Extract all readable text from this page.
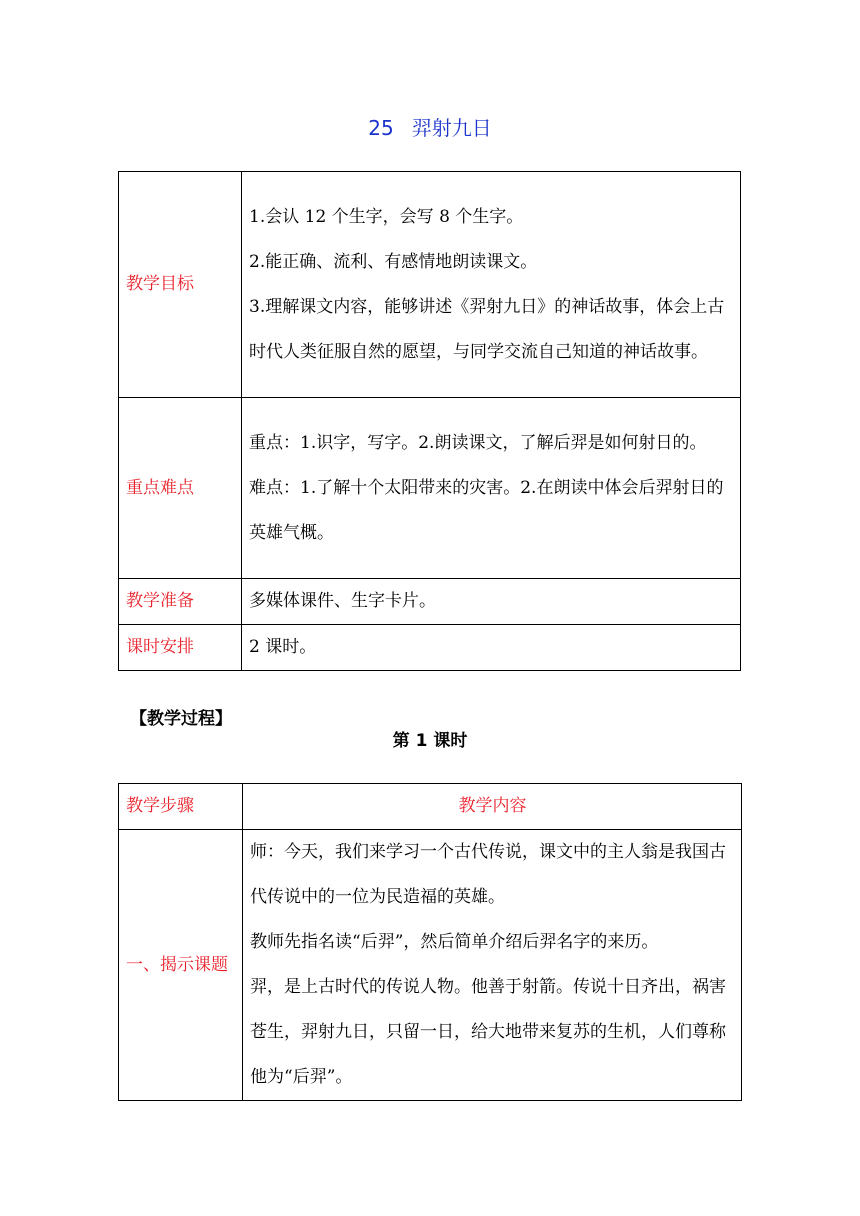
25 羿射九日
教学目标	1.会认 12 个生字，会写 8 个生字。

2.能正确、流利、有感情地朗读课文。

3.理解课文内容，能够讲述《羿射九日》的神话故事，体会上古时代人类征服自然的愿望，与同学交流自己知道的神话故事。

重点难点	重点：1.识字，写字。2.朗读课文，了解后羿是如何射日的。

难点：1.了解十个太阳带来的灾害。2.在朗读中体会后羿射日的英雄气概。

教学准备	多媒体课件、生字卡片。

课时安排	2 课时。

【教学过程】
第 1 课时
教学步骤	教学内容
一、揭示课题	师：今天，我们来学习一个古代传说，课文中的主人翁是我国古代传说中的一位为民造福的英雄。

教师先指名读“后羿”，然后简单介绍后羿名字的来历。

羿，是上古时代的传说人物。他善于射箭。传说十日齐出，祸害苍生，羿射九日，只留一日，给大地带来复苏的生机，人们尊称他为“后羿”。
